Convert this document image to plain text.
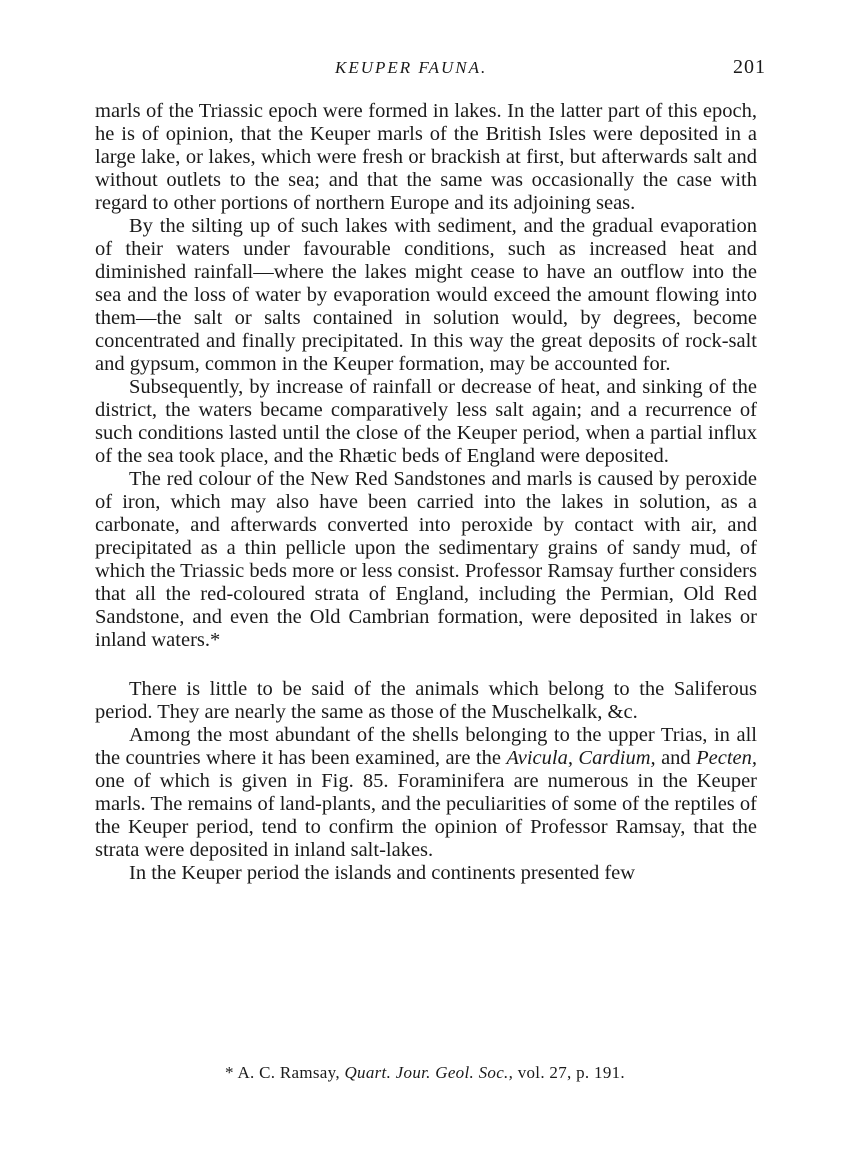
KEUPER FAUNA.	201

marls of the Triassic epoch were formed in lakes. In the latter part of this epoch, he is of opinion, that the Keuper marls of the British Isles were deposited in a large lake, or lakes, which were fresh or brackish at first, but afterwards salt and without outlets to the sea; and that the same was occasionally the case with regard to other portions of northern Europe and its adjoining seas.

By the silting up of such lakes with sediment, and the gradual evaporation of their waters under favourable conditions, such as increased heat and diminished rainfall—where the lakes might cease to have an outflow into the sea and the loss of water by evaporation would exceed the amount flowing into them—the salt or salts contained in solution would, by degrees, become concentrated and finally precipitated. In this way the great deposits of rock-salt and gypsum, common in the Keuper formation, may be accounted for.

Subsequently, by increase of rainfall or decrease of heat, and sinking of the district, the waters became comparatively less salt again; and a recurrence of such conditions lasted until the close of the Keuper period, when a partial influx of the sea took place, and the Rhætic beds of England were deposited.

The red colour of the New Red Sandstones and marls is caused by peroxide of iron, which may also have been carried into the lakes in solution, as a carbonate, and afterwards converted into peroxide by contact with air, and precipitated as a thin pellicle upon the sedimentary grains of sandy mud, of which the Triassic beds more or less consist. Professor Ramsay further considers that all the red-coloured strata of England, including the Permian, Old Red Sandstone, and even the Old Cambrian formation, were deposited in lakes or inland waters.*

There is little to be said of the animals which belong to the Saliferous period. They are nearly the same as those of the Muschelkalk, &c.

Among the most abundant of the shells belonging to the upper Trias, in all the countries where it has been examined, are the Avicula, Cardium, and Pecten, one of which is given in Fig. 85. Foraminifera are numerous in the Keuper marls. The remains of land-plants, and the peculiarities of some of the reptiles of the Keuper period, tend to confirm the opinion of Professor Ramsay, that the strata were deposited in inland salt-lakes.

In the Keuper period the islands and continents presented few

* A. C. Ramsay, Quart. Jour. Geol. Soc., vol. 27, p. 191.
